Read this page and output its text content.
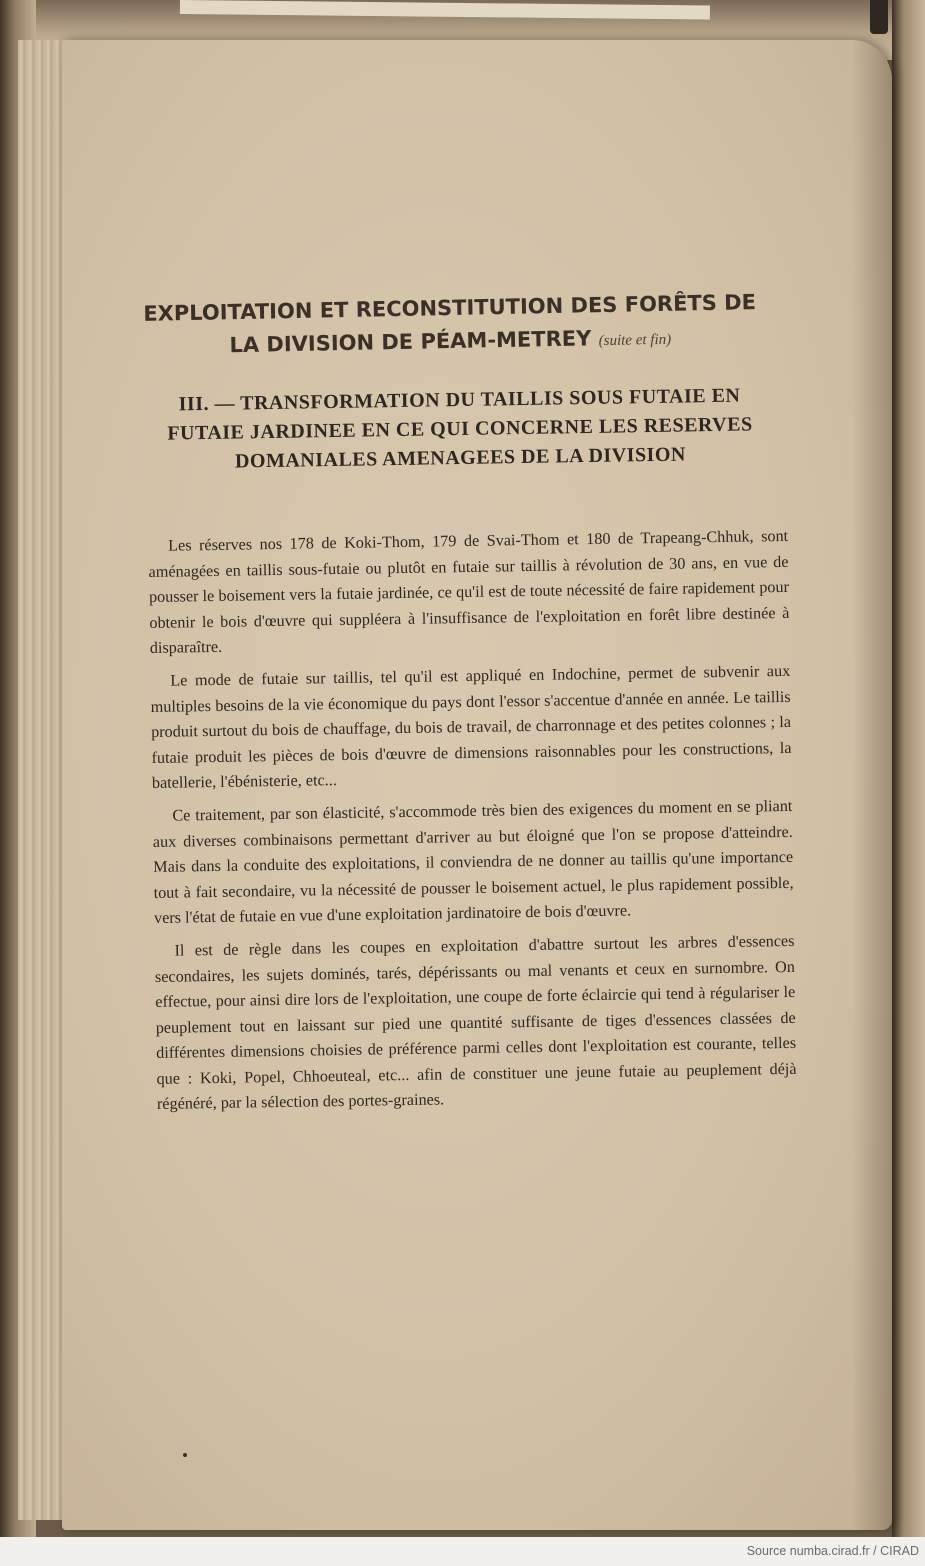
EXPLOITATION ET RECONSTITUTION DES FORÊTS DE LA DIVISION DE PÉAM-METREY (suite et fin)
III. — TRANSFORMATION DU TAILLIS SOUS FUTAIE EN FUTAIE JARDINEE EN CE QUI CONCERNE LES RESERVES DOMANIALES AMENAGEES DE LA DIVISION

Les réserves nos 178 de Koki-Thom, 179 de Svai-Thom et 180 de Trapeang-Chhuk, sont aménagées en taillis sous-futaie ou plutôt en futaie sur taillis à révolution de 30 ans, en vue de pousser le boisement vers la futaie jardinée, ce qu'il est de toute nécessité de faire rapidement pour obtenir le bois d'œuvre qui suppléera à l'insuffisance de l'exploitation en forêt libre destinée à disparaître.

Le mode de futaie sur taillis, tel qu'il est appliqué en Indochine, permet de subvenir aux multiples besoins de la vie économique du pays dont l'essor s'accentue d'année en année. Le taillis produit surtout du bois de chauffage, du bois de travail, de charronnage et des petites colonnes ; la futaie produit les pièces de bois d'œuvre de dimensions raisonnables pour les constructions, la batellerie, l'ébénisterie, etc...

Ce traitement, par son élasticité, s'accommode très bien des exigences du moment en se pliant aux diverses combinaisons permettant d'arriver au but éloigné que l'on se propose d'atteindre. Mais dans la conduite des exploitations, il conviendra de ne donner au taillis qu'une importance tout à fait secondaire, vu la nécessité de pousser le boisement actuel, le plus rapidement possible, vers l'état de futaie en vue d'une exploitation jardinatoire de bois d'œuvre.

Il est de règle dans les coupes en exploitation d'abattre surtout les arbres d'essences secondaires, les sujets dominés, tarés, dépérissants ou mal venants et ceux en surnombre. On effectue, pour ainsi dire lors de l'exploitation, une coupe de forte éclaircie qui tend à régulariser le peuplement tout en laissant sur pied une quantité suffisante de tiges d'essences classées de différentes dimensions choisies de préférence parmi celles dont l'exploitation est courante, telles que : Koki, Popel, Chhoeuteal, etc... afin de constituer une jeune futaie au peuplement déjà régénéré, par la sélection des portes-graines.

Source numba.cirad.fr / CIRAD
